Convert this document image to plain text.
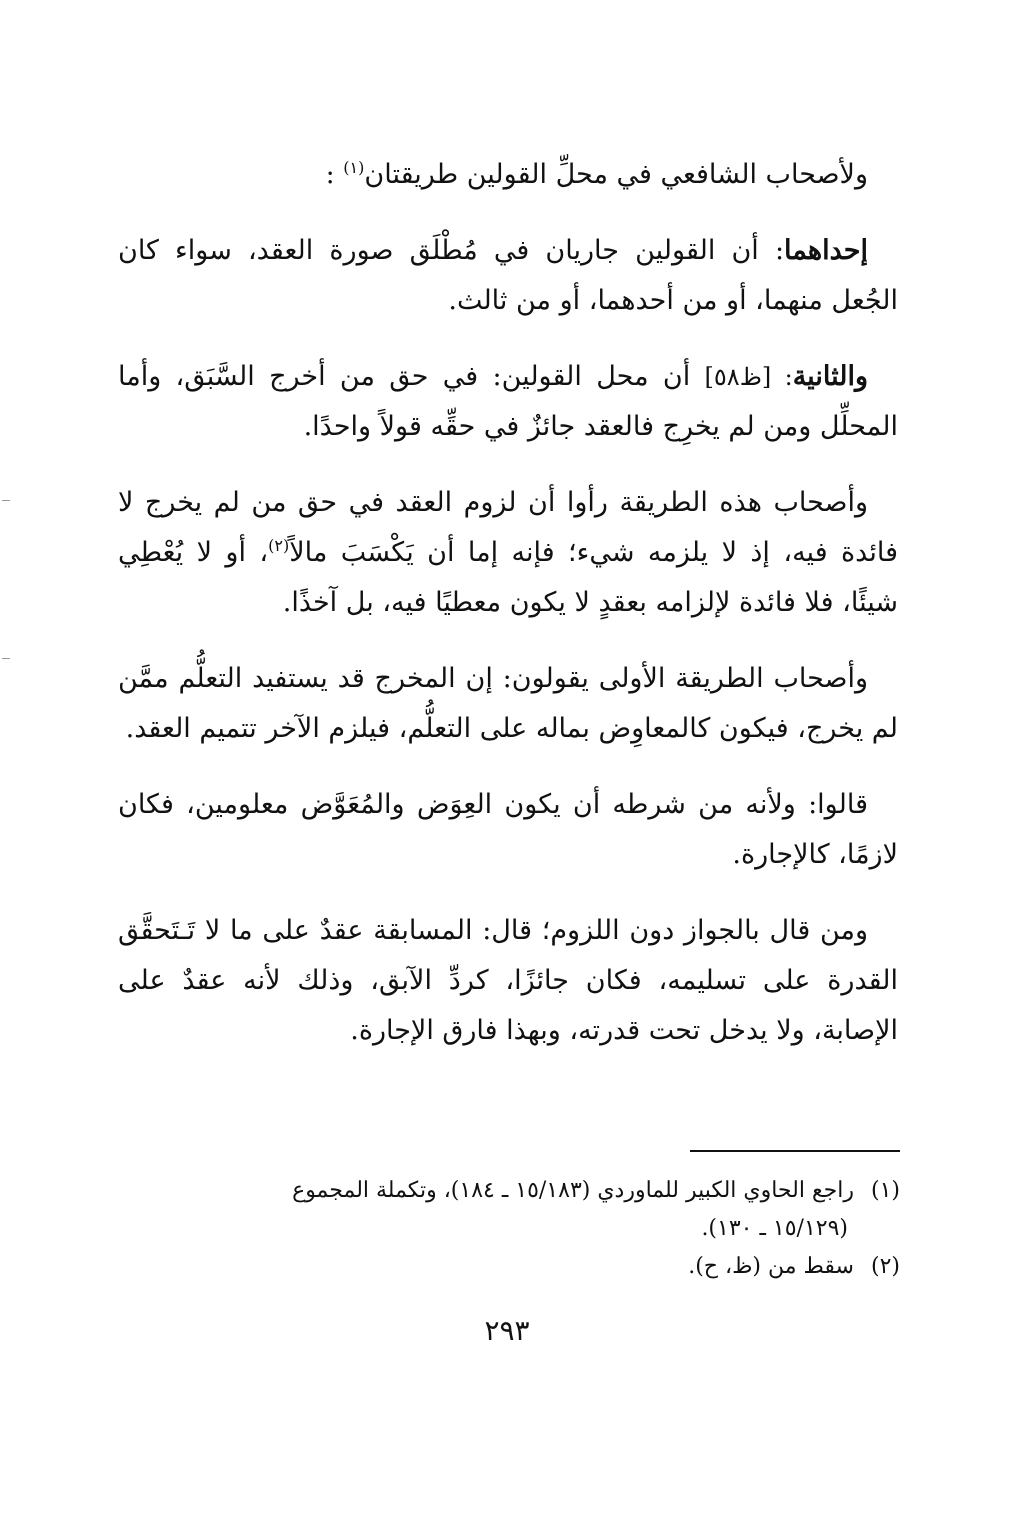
ولأصحاب الشافعي في محلِّ القولين طريقتان$^{(١)}$ :

إحداهما: أن القولين جاريان في مُطْلَق صورة العقد، سواء كان الجُعل منهما، أو من أحدهما، أو من ثالث.

والثانية: [ظ٥٨] أن محل القولين: في حق من أخرج السَّبَق، وأما المحلِّل ومن لم يخرِج فالعقد جائزٌ في حقِّه قولاً واحدًا.

وأصحاب هذه الطريقة رأوا أن لزوم العقد في حق من لم يخرج لا فائدة فيه، إذ لا يلزمه شيء؛ فإنه إما أن يَكْسَبَ مالاً$^{(٢)}$، أو لا يُعْطِي شيئًا، فلا فائدة لإلزامه بعقدٍ لا يكون معطيًا فيه، بل آخذًا.

وأصحاب الطريقة الأولى يقولون: إن المخرج قد يستفيد التعلُّم ممَّن لم يخرج، فيكون كالمعاوِض بماله على التعلُّم، فيلزم الآخر تتميم العقد.

قالوا: ولأنه من شرطه أن يكون العِوَض والمُعَوَّض معلومين، فكان لازمًا، كالإجارة.

ومن قال بالجواز دون اللزوم؛ قال: المسابقة عقدٌ على ما لا تَـتَحقَّق القدرة على تسليمه، فكان جائزًا، كردِّ الآبق، وذلك لأنه عقدٌ على الإصابة، ولا يدخل تحت قدرته، وبهذا فارق الإجارة.

(١) راجع الحاوي الكبير للماوردي (١٥/١٨٣ ـ ١٨٤)، وتكملة المجموع

(١٥/١٢٩ ـ ١٣٠).

(٢) سقط من (ظ، ح).

٢٩٣
